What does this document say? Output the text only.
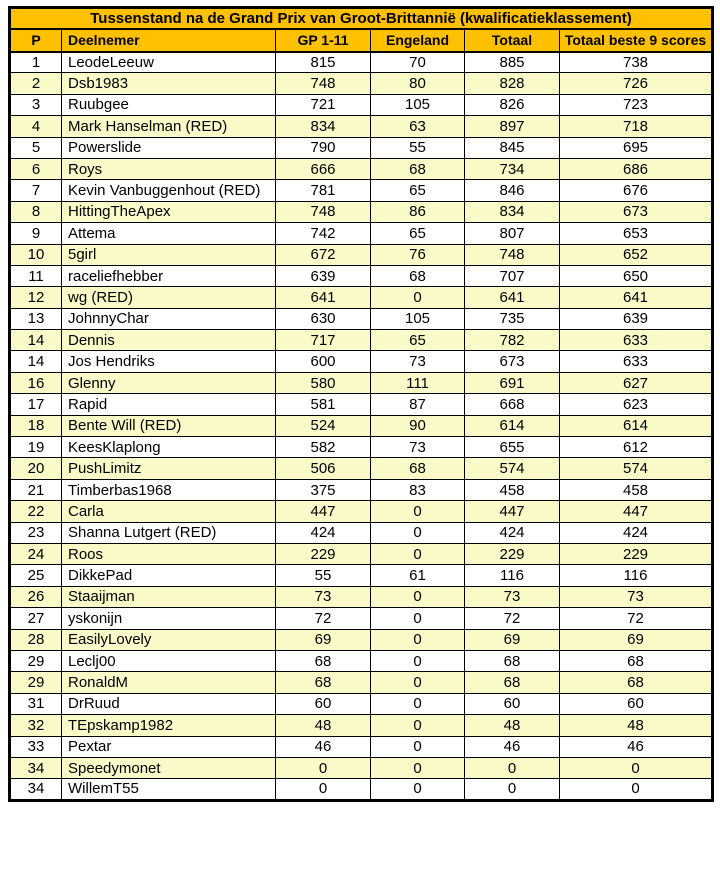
Tussenstand na de Grand Prix van Groot-Brittannië (kwalificatieklassement)					
P	Deelnemer	GP 1-11	Engeland	Totaal	Totaal beste 9 scores
1	LeodeLeeuw	815	70	885	738
2	Dsb1983	748	80	828	726
3	Ruubgee	721	105	826	723
4	Mark Hanselman (RED)	834	63	897	718
5	Powerslide	790	55	845	695
6	Roys	666	68	734	686
7	Kevin Vanbuggenhout (RED)	781	65	846	676
8	HittingTheApex	748	86	834	673
9	Attema	742	65	807	653
10	5girl	672	76	748	652
11	raceliefhebber	639	68	707	650
12	wg (RED)	641	0	641	641
13	JohnnyChar	630	105	735	639
14	Dennis	717	65	782	633
14	Jos Hendriks	600	73	673	633
16	Glenny	580	111	691	627
17	Rapid	581	87	668	623
18	Bente Will (RED)	524	90	614	614
19	KeesKlaplong	582	73	655	612
20	PushLimitz	506	68	574	574
21	Timberbas1968	375	83	458	458
22	Carla	447	0	447	447
23	Shanna Lutgert (RED)	424	0	424	424
24	Roos	229	0	229	229
25	DikkePad	55	61	116	116
26	Staaijman	73	0	73	73
27	yskonijn	72	0	72	72
28	EasilyLovely	69	0	69	69
29	Leclj00	68	0	68	68
29	RonaldM	68	0	68	68
31	DrRuud	60	0	60	60
32	TEpskamp1982	48	0	48	48
33	Pextar	46	0	46	46
34	Speedymonet	0	0	0	0
34	WillemT55	0	0	0	0
